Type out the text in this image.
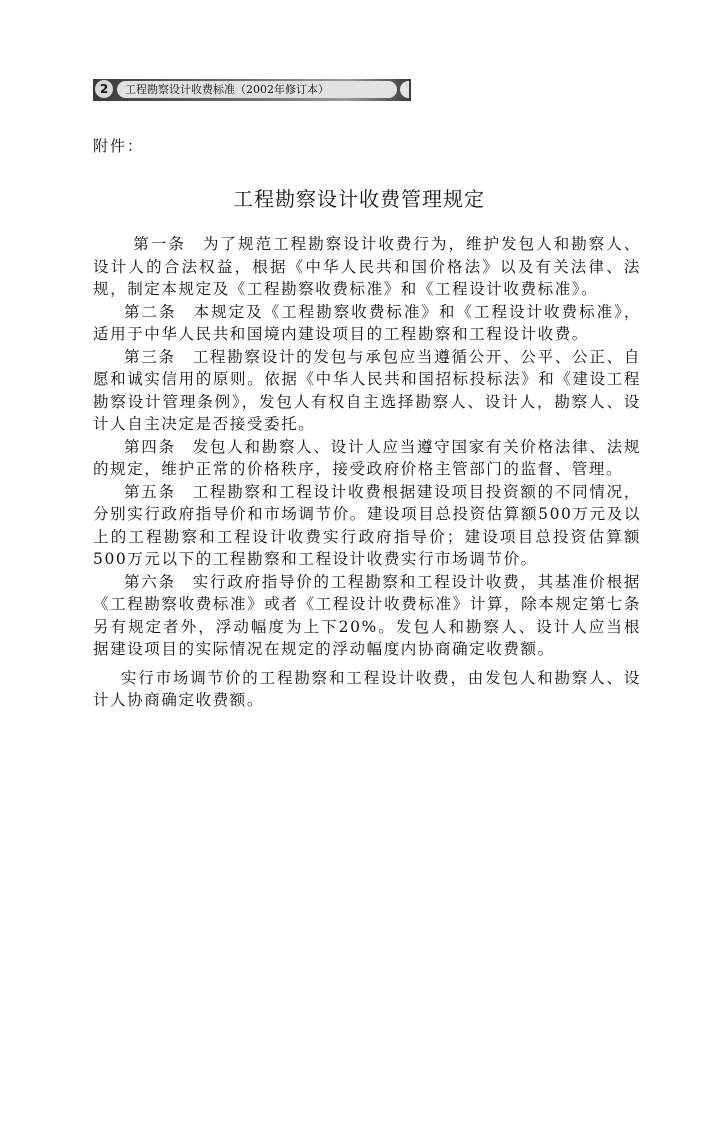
2	工程勘察设计收费标准（2002年修订本）
附件：
工程勘察设计收费管理规定

第一条 为了规范工程勘察设计收费行为，维护发包人和勘察人、设计人的合法权益，根据《中华人民共和国价格法》以及有关法律、法规，制定本规定及《工程勘察收费标准》和《工程设计收费标准》。

第二条 本规定及《工程勘察收费标准》和《工程设计收费标准》，适用于中华人民共和国境内建设项目的工程勘察和工程设计收费。

第三条 工程勘察设计的发包与承包应当遵循公开、公平、公正、自愿和诚实信用的原则。依据《中华人民共和国招标投标法》和《建设工程勘察设计管理条例》，发包人有权自主选择勘察人、设计人，勘察人、设计人自主决定是否接受委托。

第四条 发包人和勘察人、设计人应当遵守国家有关价格法律、法规的规定，维护正常的价格秩序，接受政府价格主管部门的监督、管理。

第五条 工程勘察和工程设计收费根据建设项目投资额的不同情况，分别实行政府指导价和市场调节价。建设项目总投资估算额500万元及以上的工程勘察和工程设计收费实行政府指导价；建设项目总投资估算额500万元以下的工程勘察和工程设计收费实行市场调节价。

第六条 实行政府指导价的工程勘察和工程设计收费，其基准价根据《工程勘察收费标准》或者《工程设计收费标准》计算，除本规定第七条另有规定者外，浮动幅度为上下20%。发包人和勘察人、设计人应当根据建设项目的实际情况在规定的浮动幅度内协商确定收费额。

实行市场调节价的工程勘察和工程设计收费，由发包人和勘察人、设计人协商确定收费额。
